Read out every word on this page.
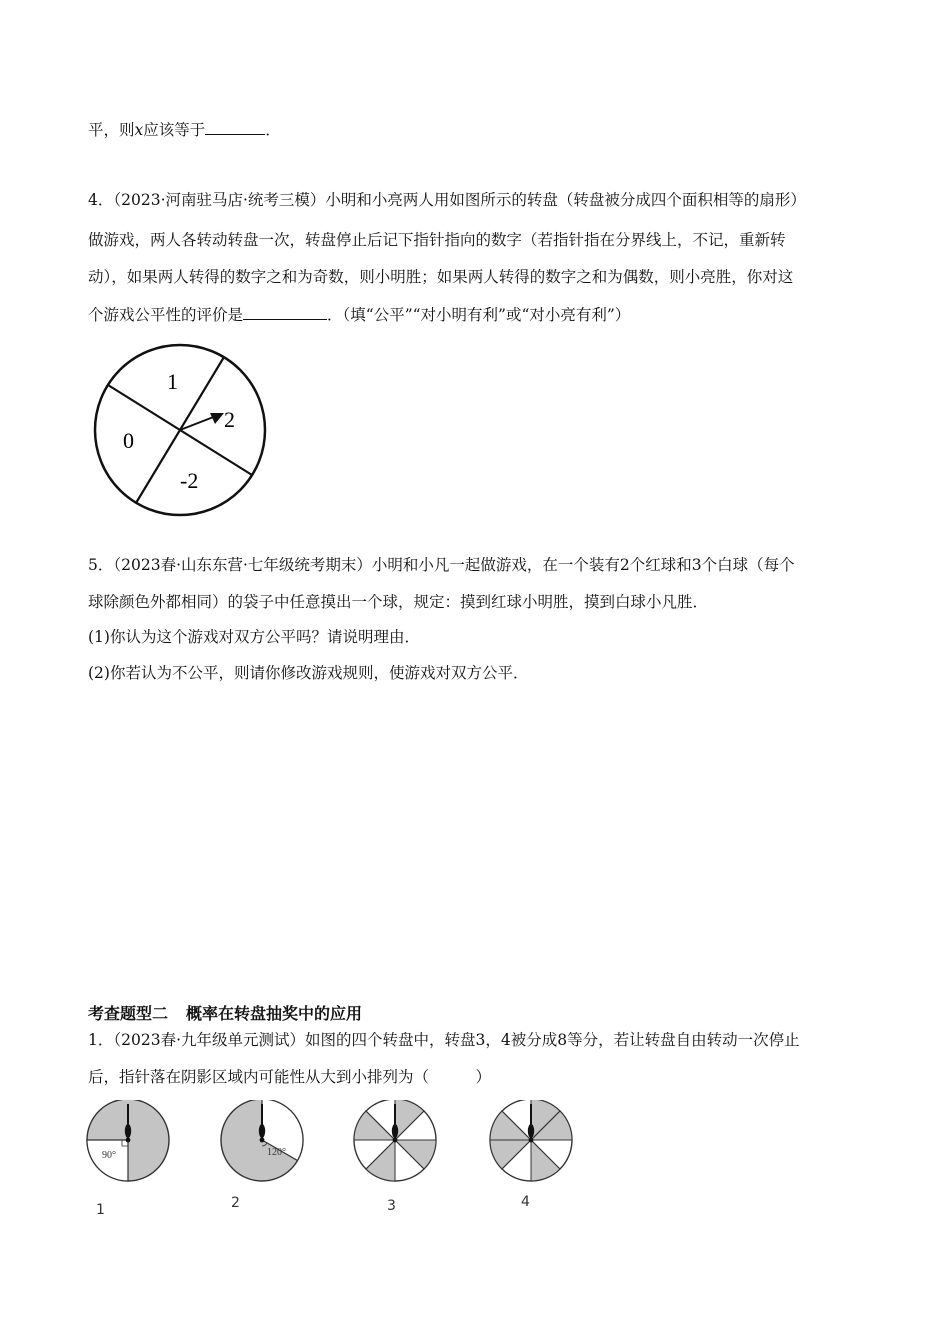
平，则x应该等于	．
4．（2023·河南驻马店·统考三模）小明和小亮两人用如图所示的转盘（转盘被分成四个面积相等的扇形）
做游戏，两人各转动转盘一次，转盘停止后记下指针指向的数字（若指针指在分界线上，不记，重新转
动），如果两人转得的数字之和为奇数，则小明胜；如果两人转得的数字之和为偶数，则小亮胜，你对这
个游戏公平性的评价是	．（填“公平”“对小明有利”或“对小亮有利”）
1
2
0
-2
5．（2023春·山东东营·七年级统考期末）小明和小凡一起做游戏，在一个装有2个红球和3个白球（每个
球除颜色外都相同）的袋子中任意摸出一个球，规定：摸到红球小明胜，摸到白球小凡胜．
(1)你认为这个游戏对双方公平吗？请说明理由．
(2)你若认为不公平，则请你修改游戏规则，使游戏对双方公平．
考查题型二 概率在转盘抽奖中的应用
1．（2023春·九年级单元测试）如图的四个转盘中，转盘3，4被分成8等分，若让转盘自由转动一次停止
后，指针落在阴影区域内可能性从大到小排列为（　　　）
90°
1
120°
2	3	4
